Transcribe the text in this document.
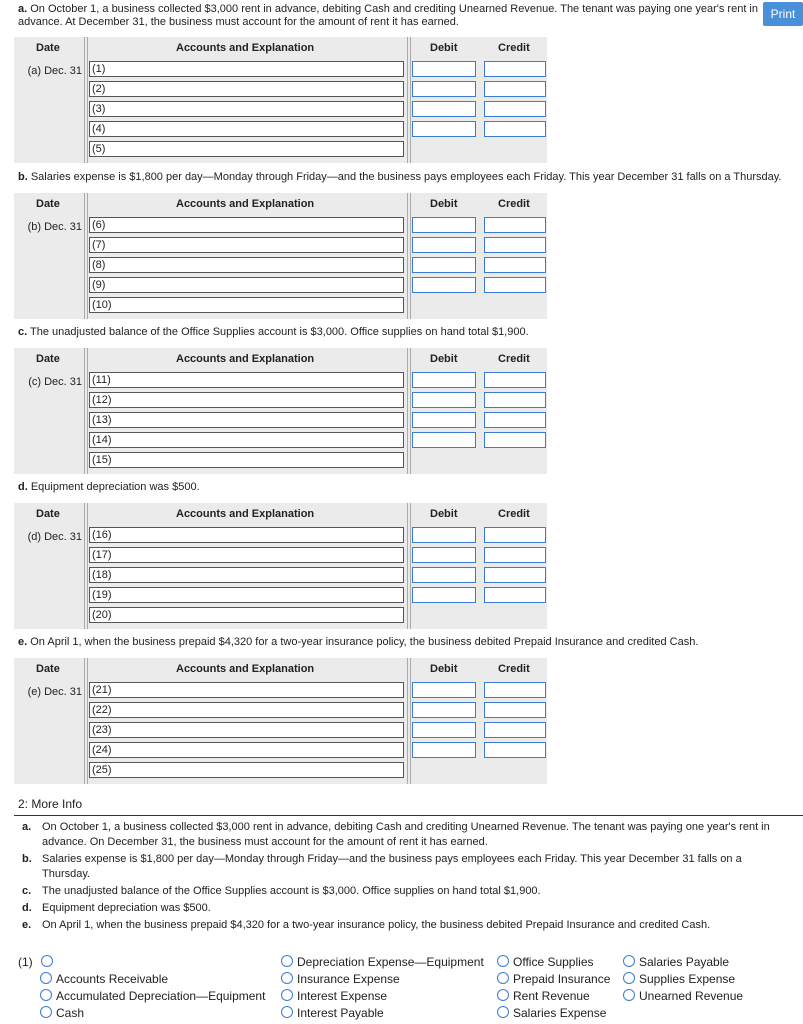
Print
a. On October 1, a business collected $3,000 rent in advance, debiting Cash and crediting Unearned Revenue. The tenant was paying one year's rent in advance. At December 31, the business must account for the amount of rent it has earned.
Date	Accounts and Explanation	Debit	Credit
(a) Dec. 31 (1)
(2)
(3)
(4)
(5)
b. Salaries expense is $1,800 per day—Monday through Friday—and the business pays employees each Friday. This year December 31 falls on a Thursday.
Date	Accounts and Explanation	Debit	Credit
(b) Dec. 31 (6)
(7)
(8)
(9)
(10)
c. The unadjusted balance of the Office Supplies account is $3,000. Office supplies on hand total $1,900.
Date	Accounts and Explanation	Debit	Credit
(c) Dec. 31 (11)
(12)
(13)
(14)
(15)
d. Equipment depreciation was $500.
Date	Accounts and Explanation	Debit	Credit
(d) Dec. 31 (16)
(17)
(18)
(19)
(20)
e. On April 1, when the business prepaid $4,320 for a two-year insurance policy, the business debited Prepaid Insurance and credited Cash.
Date	Accounts and Explanation	Debit	Credit
(e) Dec. 31 (21)
(22)
(23)
(24)
(25)
2: More Info
a. On October 1, a business collected $3,000 rent in advance, debiting Cash and crediting Unearned Revenue. The tenant was paying one year's rent in advance. On December 31, the business must account for the amount of rent it has earned.
b. Salaries expense is $1,800 per day—Monday through Friday—and the business pays employees each Friday. This year December 31 falls on a Thursday.
c. The unadjusted balance of the Office Supplies account is $3,000. Office supplies on hand total $1,900.
d. Equipment depreciation was $500.
e. On April 1, when the business prepaid $4,320 for a two-year insurance policy, the business debited Prepaid Insurance and credited Cash.
(1)
Accounts Receivable
Accumulated Depreciation—Equipment
Cash
Depreciation Expense—Equipment
Insurance Expense
Interest Expense
Interest Payable
Office Supplies
Prepaid Insurance
Rent Revenue
Salaries Expense
Salaries Payable
Supplies Expense
Unearned Revenue
